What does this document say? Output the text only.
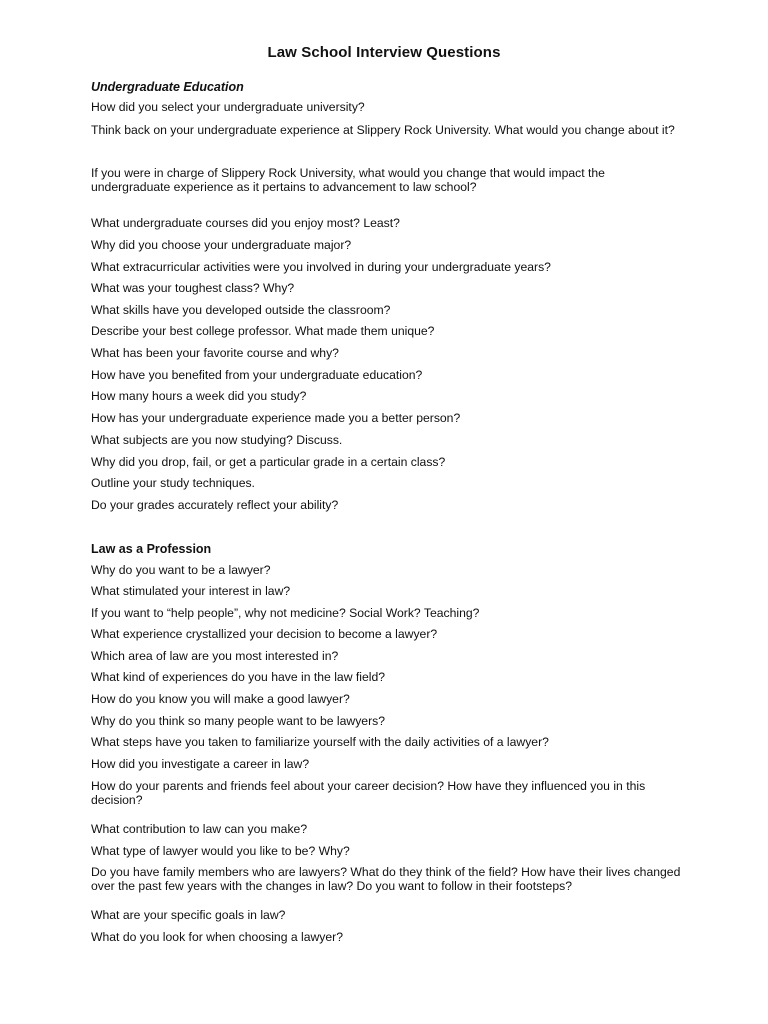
Law School Interview Questions
Undergraduate Education
How did you select your undergraduate university?
Think back on your undergraduate experience at Slippery Rock University. What would you change about it?
If you were in charge of Slippery Rock University, what would you change that would impact the undergraduate experience as it pertains to advancement to law school?
What undergraduate courses did you enjoy most? Least?
Why did you choose your undergraduate major?
What extracurricular activities were you involved in during your undergraduate years?
What was your toughest class? Why?
What skills have you developed outside the classroom?
Describe your best college professor. What made them unique?
What has been your favorite course and why?
How have you benefited from your undergraduate education?
How many hours a week did you study?
How has your undergraduate experience made you a better person?
What subjects are you now studying? Discuss.
Why did you drop, fail, or get a particular grade in a certain class?
Outline your study techniques.
Do your grades accurately reflect your ability?
Law as a Profession
Why do you want to be a lawyer?
What stimulated your interest in law?
If you want to “help people”, why not medicine? Social Work? Teaching?
What experience crystallized your decision to become a lawyer?
Which area of law are you most interested in?
What kind of experiences do you have in the law field?
How do you know you will make a good lawyer?
Why do you think so many people want to be lawyers?
What steps have you taken to familiarize yourself with the daily activities of a lawyer?
How did you investigate a career in law?
How do your parents and friends feel about your career decision? How have they influenced you in this decision?
What contribution to law can you make?
What type of lawyer would you like to be? Why?
Do you have family members who are lawyers? What do they think of the field? How have their lives changed over the past few years with the changes in law? Do you want to follow in their footsteps?
What are your specific goals in law?
What do you look for when choosing a lawyer?
